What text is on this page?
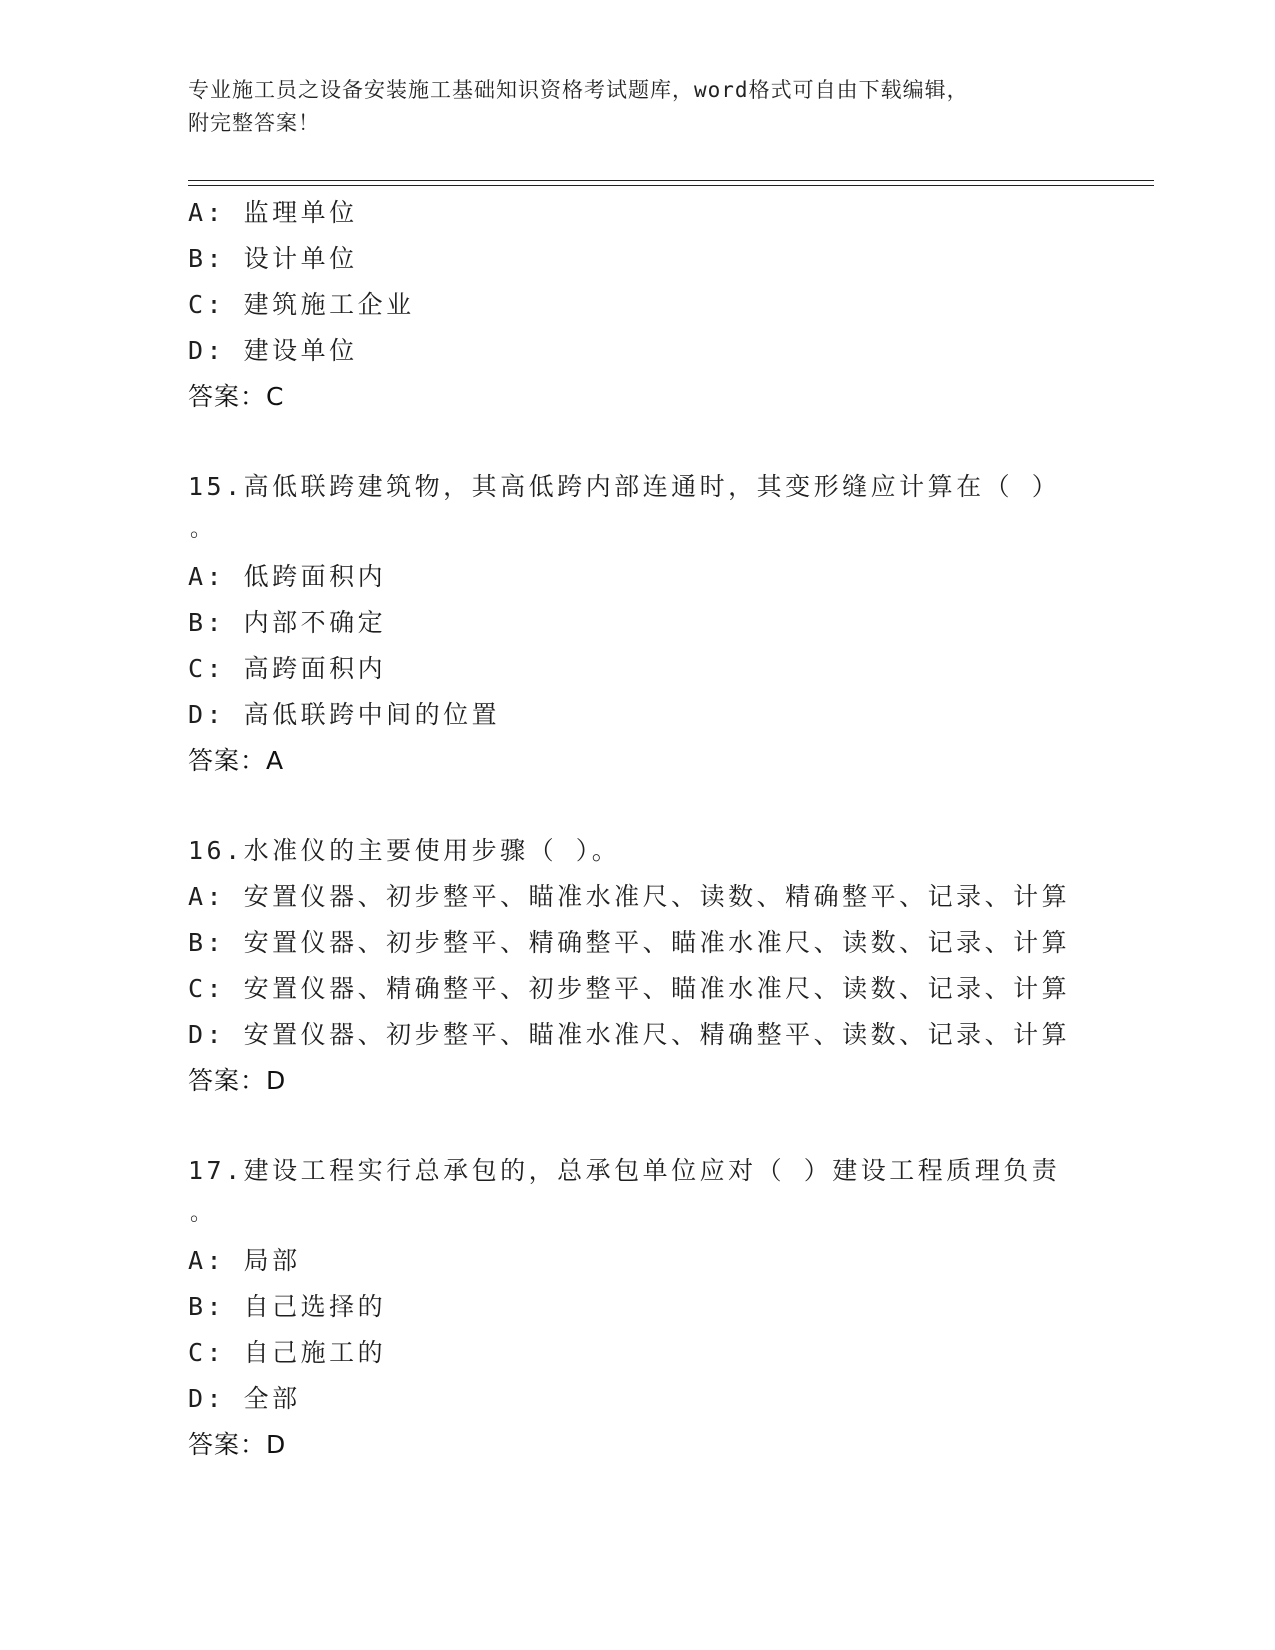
专业施工员之设备安装施工基础知识资格考试题库，word格式可自由下载编辑，
附完整答案！
A: 监理单位
B: 设计单位
C: 建筑施工企业
D: 建设单位
答案：C
15.高低联跨建筑物，其高低跨内部连通时，其变形缝应计算在（ ）
。
A: 低跨面积内
B: 内部不确定
C: 高跨面积内
D: 高低联跨中间的位置
答案：A
16.水准仪的主要使用步骤（ ）。
A: 安置仪器、初步整平、瞄准水准尺、读数、精确整平、记录、计算
B: 安置仪器、初步整平、精确整平、瞄准水准尺、读数、记录、计算
C: 安置仪器、精确整平、初步整平、瞄准水准尺、读数、记录、计算
D: 安置仪器、初步整平、瞄准水准尺、精确整平、读数、记录、计算
答案：D
17.建设工程实行总承包的，总承包单位应对（ ）建设工程质理负责
。
A: 局部
B: 自己选择的
C: 自己施工的
D: 全部
答案：D
